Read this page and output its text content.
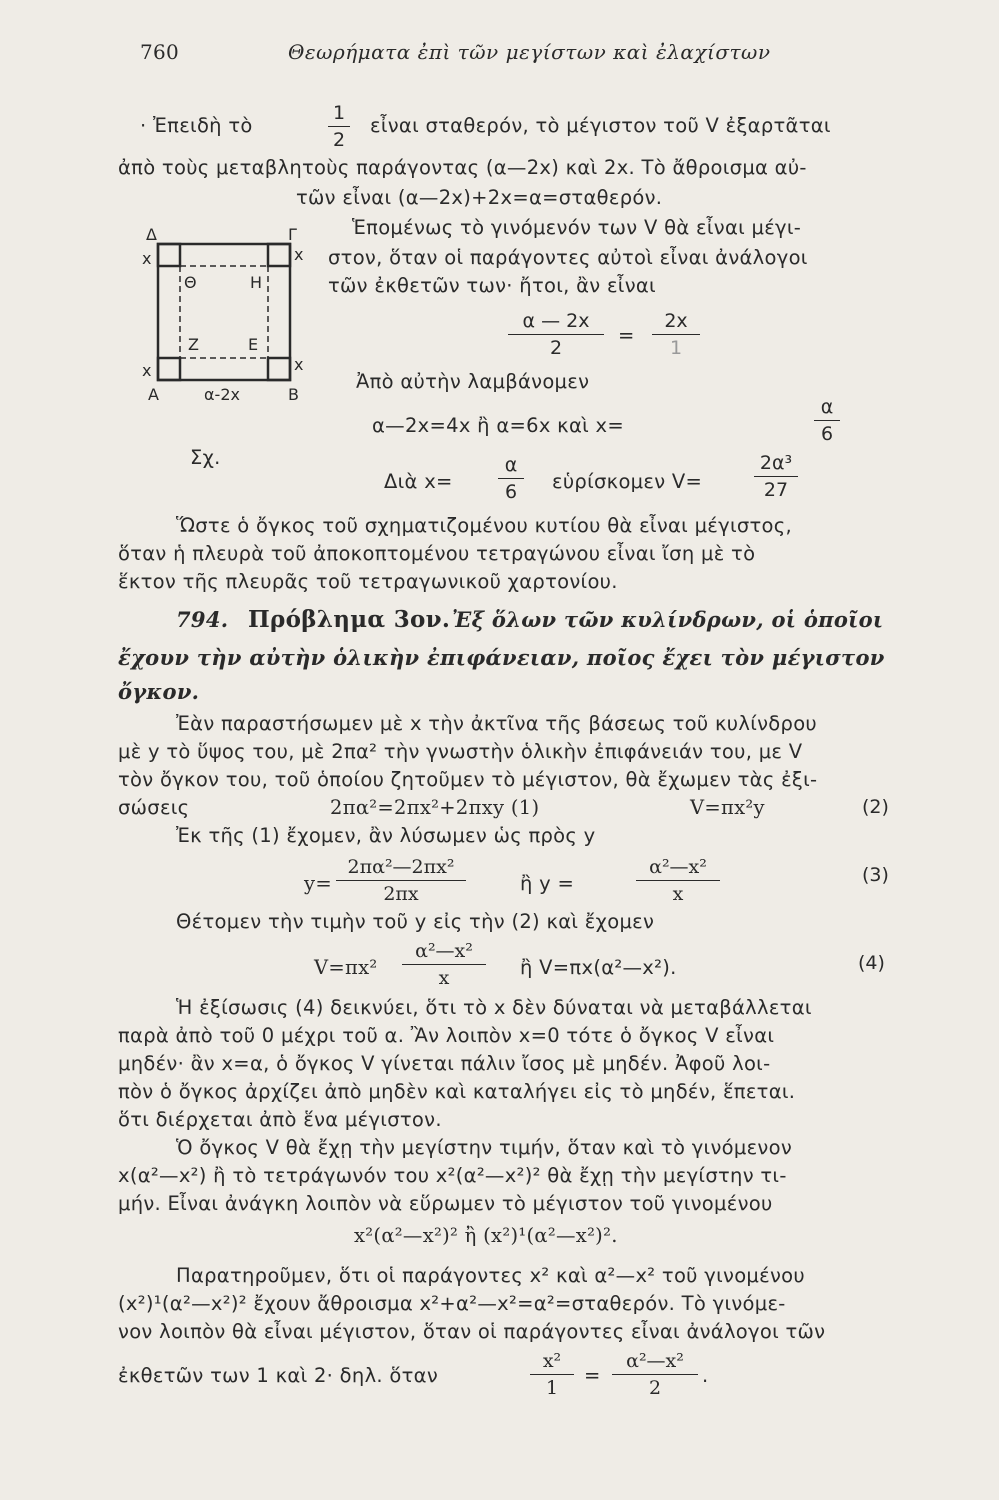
760	Θεωρήματα ἐπὶ τῶν μεγίστων καὶ ἐλαχίστων
· Ἐπειδὴ τὸ
1
2
εἶναι σταθερόν, τὸ μέγιστον τοῦ V ἐξαρτᾶται
ἀπὸ τοὺς μεταβλητοὺς παράγοντας (α—2x) καὶ 2x. Τὸ ἄθροισμα αὐ-
τῶν εἶναι (α—2x)+2x=α=σταθερόν.
Δ	Γ
Α	Β
Θ	Η
Ζ	Ε
x	x
x	x
α-2x
Σχ.
Ἑπομένως τὸ γινόμενόν των V θὰ εἶναι μέγι-
στον, ὅταν οἱ παράγοντες αὐτοὶ εἶναι ἀνάλογοι
τῶν ἐκθετῶν των· ἤτοι, ἂν εἶναι
α — 2x
2
=
2x
1
Ἀπὸ αὐτὴν λαμβάνομεν
α—2x=4x ἢ α=6x καὶ x=
α
6
Διὰ x=
α
6	εὑρίσκομεν V=
2α³
27
Ὥστε ὁ ὄγκος τοῦ σχηματιζομένου κυτίου θὰ εἶναι μέγιστος,
ὅταν ἡ πλευρὰ τοῦ ἀποκοπτομένου τετραγώνου εἶναι ἴση μὲ τὸ
ἕκτον τῆς πλευρᾶς τοῦ τετραγωνικοῦ χαρτονίου.
794. Πρόβλημα 3ον. Ἐξ ὅλων τῶν κυλίνδρων, οἱ ὁποῖοι
ἔχουν τὴν αὐτὴν ὁλικὴν ἐπιφάνειαν, ποῖος ἔχει τὸν μέγιστον
ὄγκον.
Ἐὰν παραστήσωμεν μὲ x τὴν ἀκτῖνα τῆς βάσεως τοῦ κυλίνδρου
μὲ y τὸ ὕψος του, μὲ 2πα² τὴν γνωστὴν ὁλικὴν ἐπιφάνειάν του, με V
τὸν ὄγκον του, τοῦ ὁποίου ζητοῦμεν τὸ μέγιστον, θὰ ἔχωμεν τὰς ἐξι-
σώσεις	2πα²=2πx²+2πxy (1)	V=πx²y	(2)
Ἐκ τῆς (1) ἔχομεν, ἂν λύσωμεν ὡς πρὸς y
y=
2πα²—2πx²
2πx	ἢ y =
α²—x²
x
(3)
Θέτομεν τὴν τιμὴν τοῦ y εἰς τὴν (2) καὶ ἔχομεν
V=πx²
α²—x²
x	ἢ V=πx(α²—x²).	(4)
Ἡ ἐξίσωσις (4) δεικνύει, ὅτι τὸ x δὲν δύναται νὰ μεταβάλλεται
παρὰ ἀπὸ τοῦ 0 μέχρι τοῦ α. Ἂν λοιπὸν x=0 τότε ὁ ὄγκος V εἶναι
μηδέν· ἂν x=α, ὁ ὄγκος V γίνεται πάλιν ἴσος μὲ μηδέν. Ἀφοῦ λοι-
πὸν ὁ ὄγκος ἀρχίζει ἀπὸ μηδὲν καὶ καταλήγει εἰς τὸ μηδέν, ἕπεται.
ὅτι διέρχεται ἀπὸ ἕνα μέγιστον.
Ὁ ὄγκος V θὰ ἔχῃ τὴν μεγίστην τιμήν, ὅταν καὶ τὸ γινόμενον
x(α²—x²) ἢ τὸ τετράγωνόν του x²(α²—x²)² θὰ ἔχῃ τὴν μεγίστην τι-
μήν. Εἶναι ἀνάγκη λοιπὸν νὰ εὕρωμεν τὸ μέγιστον τοῦ γινομένου
x²(α²—x²)² ἢ (x²)¹(α²—x²)².
Παρατηροῦμεν, ὅτι οἱ παράγοντες x² καὶ α²—x² τοῦ γινομένου
(x²)¹(α²—x²)² ἔχουν ἄθροισμα x²+α²—x²=α²=σταθερόν. Τὸ γινόμε-
νον λοιπὸν θὰ εἶναι μέγιστον, ὅταν οἱ παράγοντες εἶναι ἀνάλογοι τῶν
ἐκθετῶν των 1 καὶ 2· δηλ. ὅταν
x²
1
=
α²—x²
2
.
